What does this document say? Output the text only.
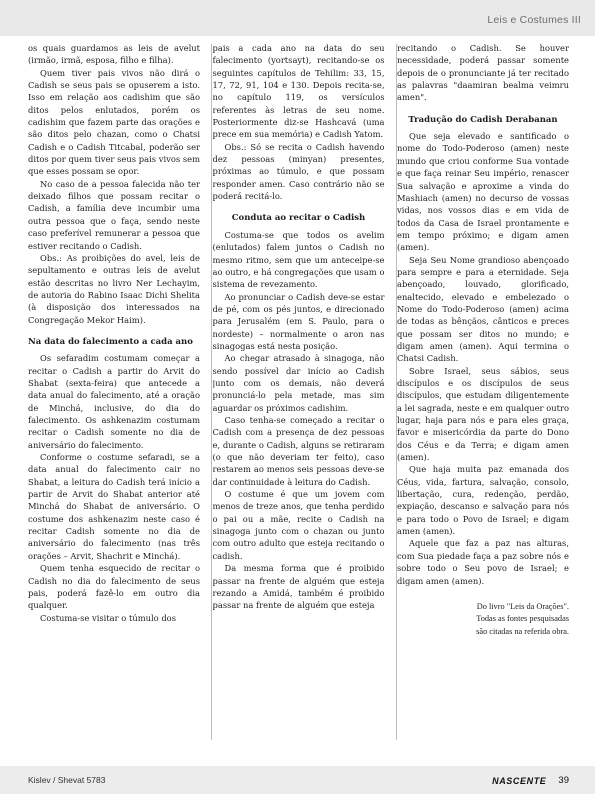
Leis e Costumes III

os quais guardamos as leis de avelut (irmão, irmã, esposa, filho e filha).

Quem tiver pais vivos não dirá o Cadish se seus pais se opuserem a isto. Isso em relação aos cadishim que são ditos pelos enlutados, porém os cadishim que fazem parte das orações e são ditos pelo chazan, como o Chatsi Cadish e o Cadish Titcabal, poderão ser ditos por quem tiver seus pais vivos sem que esses possam se opor.

No caso de a pessoa falecida não ter deixado filhos que possam recitar o Cadish, a família deve incumbir uma outra pessoa que o faça, sendo neste caso preferível remunerar a pessoa que estiver recitando o Cadish.

Obs.: As proibições do avel, leis de sepultamento e outras leis de avelut estão descritas no livro Ner Lechayim, de autoria do Rabino Isaac Dichi Shelita (à disposição dos interessados na Congregação Mekor Haim).

Na data do falecimento a cada ano

Os sefaradim costumam começar a recitar o Cadish a partir do Arvit do Shabat (sexta-feira) que antecede a data anual do falecimento, até a oração de Minchá, inclusive, do dia do falecimento. Os ashkenazim costumam recitar o Cadish somente no dia de aniversário do falecimento.

Conforme o costume sefaradi, se a data anual do falecimento cair no Shabat, a leitura do Cadish terá início a partir de Arvit do Shabat anterior até Minchá do Shabat de aniversário. O costume dos ashkenazim neste caso é recitar Cadish somente no dia de aniversário do falecimento (nas três orações – Arvit, Shachrit e Minchá).

Quem tenha esquecido de recitar o Cadish no dia do falecimento de seus pais, poderá fazê-lo em outro dia qualquer.

Costuma-se visitar o túmulo dos

pais a cada ano na data do seu falecimento (yortsayt), recitando-se os seguintes capítulos de Tehilim: 33, 15, 17, 72, 91, 104 e 130. Depois recita-se, no capítulo 119, os versículos referentes às letras de seu nome. Posteriormente diz-se Hashcavá (uma prece em sua memória) e Cadish Yatom.

Obs.: Só se recita o Cadish havendo dez pessoas (minyan) presentes, próximas ao túmulo, e que possam responder amen. Caso contrário não se poderá recitá-lo.

Conduta ao recitar o Cadish

Costuma-se que todos os avelim (enlutados) falem juntos o Cadish no mesmo ritmo, sem que um anteceipe-se ao outro, e há congregações que usam o sistema de revezamento.

Ao pronunciar o Cadish deve-se estar de pé, com os pés juntos, e direcionado para Jerusalém (em S. Paulo, para o nordeste) – normalmente o aron nas sinagogas está nesta posição.

Ao chegar atrasado à sinagoga, não sendo possível dar início ao Cadish junto com os demais, não deverá pronunciá-lo pela metade, mas sim aguardar os próximos cadishim.

Caso tenha-se começado a recitar o Cadish com a presença de dez pessoas e, durante o Cadish, alguns se retiraram (o que não deveriam ter feito), caso restarem ao menos seis pessoas deve-se dar continuidade à leitura do Cadish.

O costume é que um jovem com menos de treze anos, que tenha perdido o pai ou a mãe, recite o Cadish na sinagoga junto com o chazan ou junto com outro adulto que esteja recitando o cadish.

Da mesma forma que é proibido passar na frente de alguém que esteja rezando a Amidá, também é proibido passar na frente de alguém que esteja

recitando o Cadish. Se houver necessidade, poderá passar somente depois de o pronunciante já ter recitado as palavras "daamiran bealma veimru amen".

Tradução do Cadish Derabanan

Que seja elevado e santificado o nome do Todo-Poderoso (amen) neste mundo que criou conforme Sua vontade e que faça reinar Seu império, renascer Sua salvação e aproxime a vinda do Mashiach (amen) no decurso de vossas vidas, nos vossos dias e em vida de todos da Casa de Israel prontamente e em tempo próximo; e digam amen (amen).

Seja Seu Nome grandioso abençoado para sempre e para a eternidade. Seja abençoado, louvado, glorificado, enaltecido, elevado e embelezado o Nome do Todo-Poderoso (amen) acima de todas as bênçãos, cânticos e preces que possam ser ditos no mundo; e digam amen (amen). Aqui termina o Chatsi Cadish.

Sobre Israel, seus sábios, seus discípulos e os discípulos de seus discípulos, que estudam diligentemente a lei sagrada, neste e em qualquer outro lugar, haja para nós e para eles graça, favor e misericórdia da parte do Dono dos Céus e da Terra; e digam amen (amen).

Que haja muita paz emanada dos Céus, vida, fartura, salvação, consolo, libertação, cura, redenção, perdão, expiação, descanso e salvação para nós e para todo o Povo de Israel; e digam amen (amen).

Aquele que faz a paz nas alturas, com Sua piedade faça a paz sobre nós e sobre todo o Seu povo de Israel; e digam amen (amen).

Do livro "Leis da Orações".
Todas as fontes pesquisadas
são citadas na referida obra.
Kislev / Shevat 5783	NASCENTE 39
